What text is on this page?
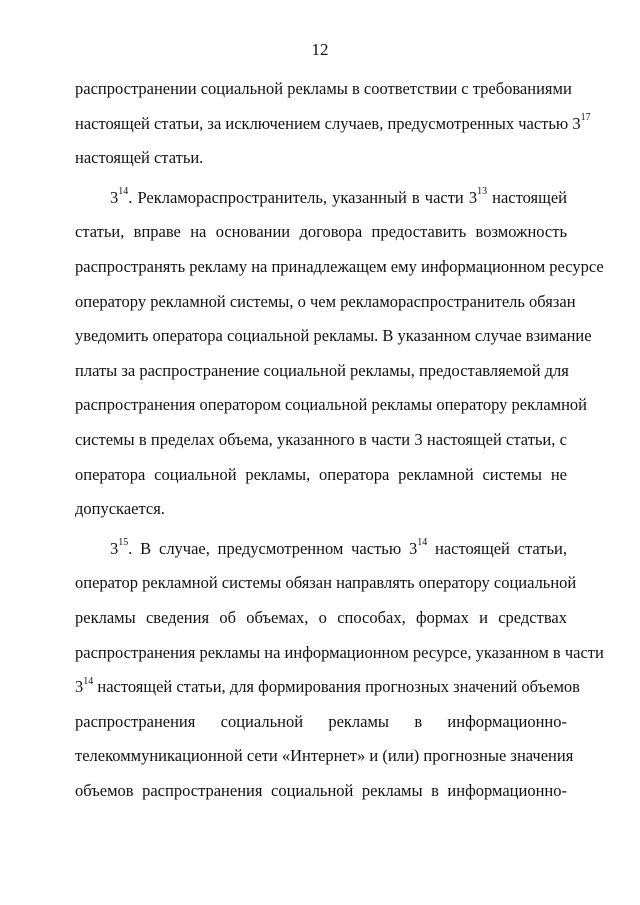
12
распространении социальной рекламы в соответствии с требованиями
настоящей статьи, за исключением случаев, предусмотренных частью $3^{17}$
настоящей статьи.
$3^{14}$. Рекламораспространитель, указанный в части $3^{13}$ настоящей
статьи, вправе на основании договора предоставить возможность
распространять рекламу на принадлежащем ему информационном ресурсе
оператору рекламной системы, о чем рекламораспространитель обязан
уведомить оператора социальной рекламы. В указанном случае взимание
платы за распространение социальной рекламы, предоставляемой для
распространения оператором социальной рекламы оператору рекламной
системы в пределах объема, указанного в части 3 настоящей статьи, с
оператора социальной рекламы, оператора рекламной системы не
допускается.
$3^{15}$. В случае, предусмотренном частью $3^{14}$ настоящей статьи,
оператор рекламной системы обязан направлять оператору социальной
рекламы сведения об объемах, о способах, формах и средствах
распространения рекламы на информационном ресурсе, указанном в части
$3^{14}$ настоящей статьи, для формирования прогнозных значений объемов
распространения социальной рекламы в информационно-
телекоммуникационной сети «Интернет» и (или) прогнозные значения
объемов распространения социальной рекламы в информационно-
